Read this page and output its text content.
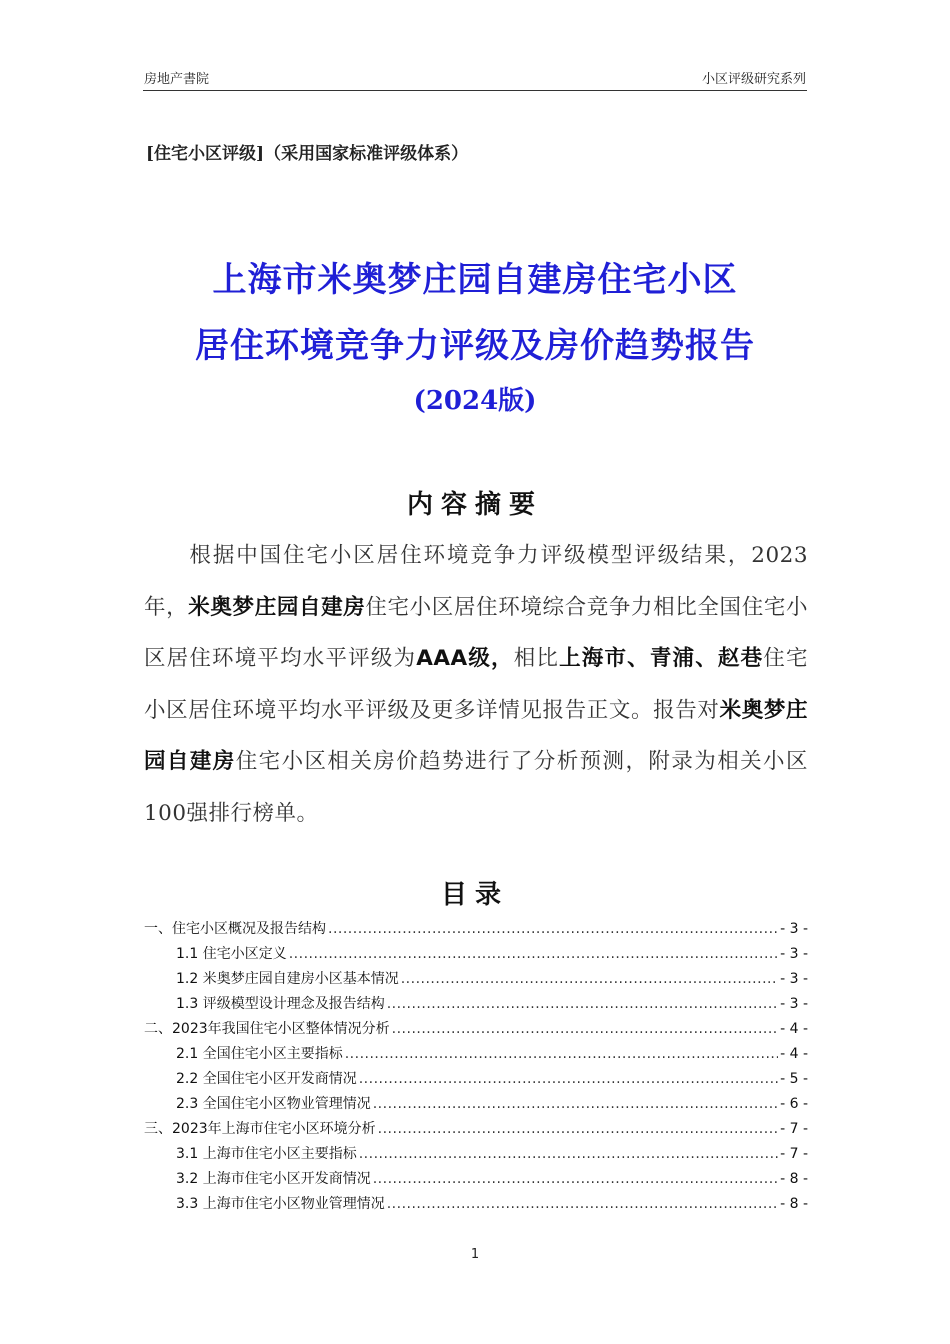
房地产書院	小区评级研究系列
[住宅小区评级]（采用国家标准评级体系）
上海市米奥梦庄园自建房住宅小区
居住环境竞争力评级及房价趋势报告
(2024版)
内容摘要
根据中国住宅小区居住环境竞争力评级模型评级结果，2023年，米奥梦庄园自建房住宅小区居住环境综合竞争力相比全国住宅小区居住环境平均水平评级为AAA级，相比上海市、青浦、赵巷住宅小区居住环境平均水平评级及更多详情见报告正文。报告对米奥梦庄园自建房住宅小区相关房价趋势进行了分析预测，附录为相关小区100强排行榜单。
目录
一、住宅小区概况及报告结构 .....	- 3 -
1.1 住宅小区定义 .....	- 3 -
1.2 米奥梦庄园自建房小区基本情况 .....	- 3 -
1.3 评级模型设计理念及报告结构 .....	- 3 -
二、2023年我国住宅小区整体情况分析 .....	- 4 -
2.1 全国住宅小区主要指标 .....	- 4 -
2.2 全国住宅小区开发商情况 .....	- 5 -
2.3 全国住宅小区物业管理情况 .....	- 6 -
三、2023年上海市住宅小区环境分析 .....	- 7 -
3.1 上海市住宅小区主要指标 .....	- 7 -
3.2 上海市住宅小区开发商情况 .....	- 8 -
3.3 上海市住宅小区物业管理情况 .....	- 8 -
1
